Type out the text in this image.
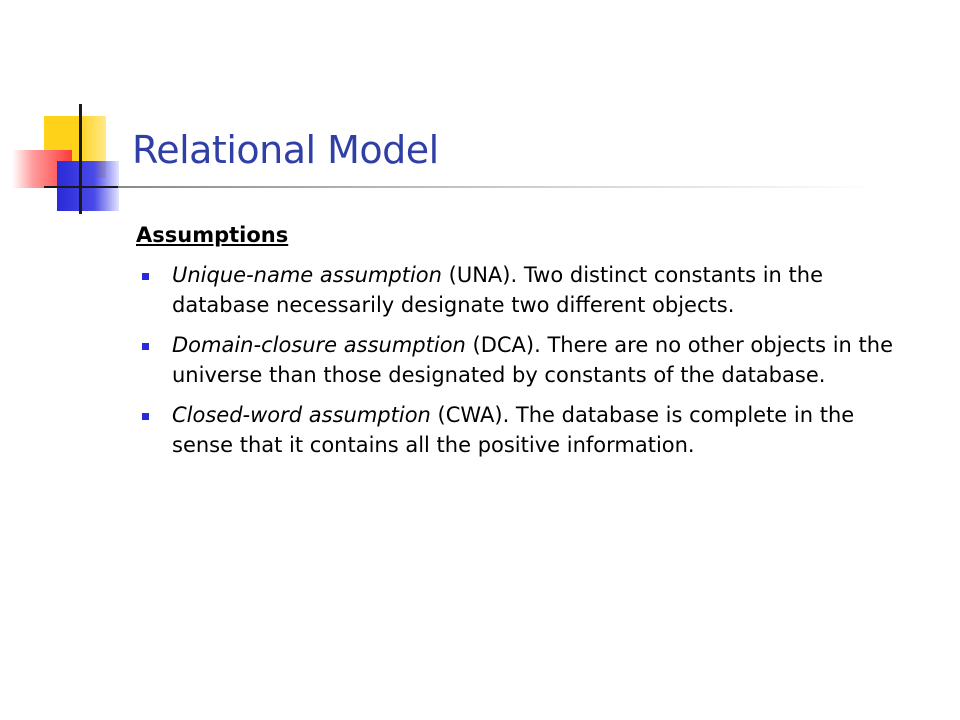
Relational Model
Assumptions
Unique-name assumption (UNA). Two distinct constants in the database necessarily designate two different objects.
Domain-closure assumption (DCA). There are no other objects in the universe than those designated by constants of the database.
Closed-word assumption (CWA). The database is complete in the sense that it contains all the positive information.
